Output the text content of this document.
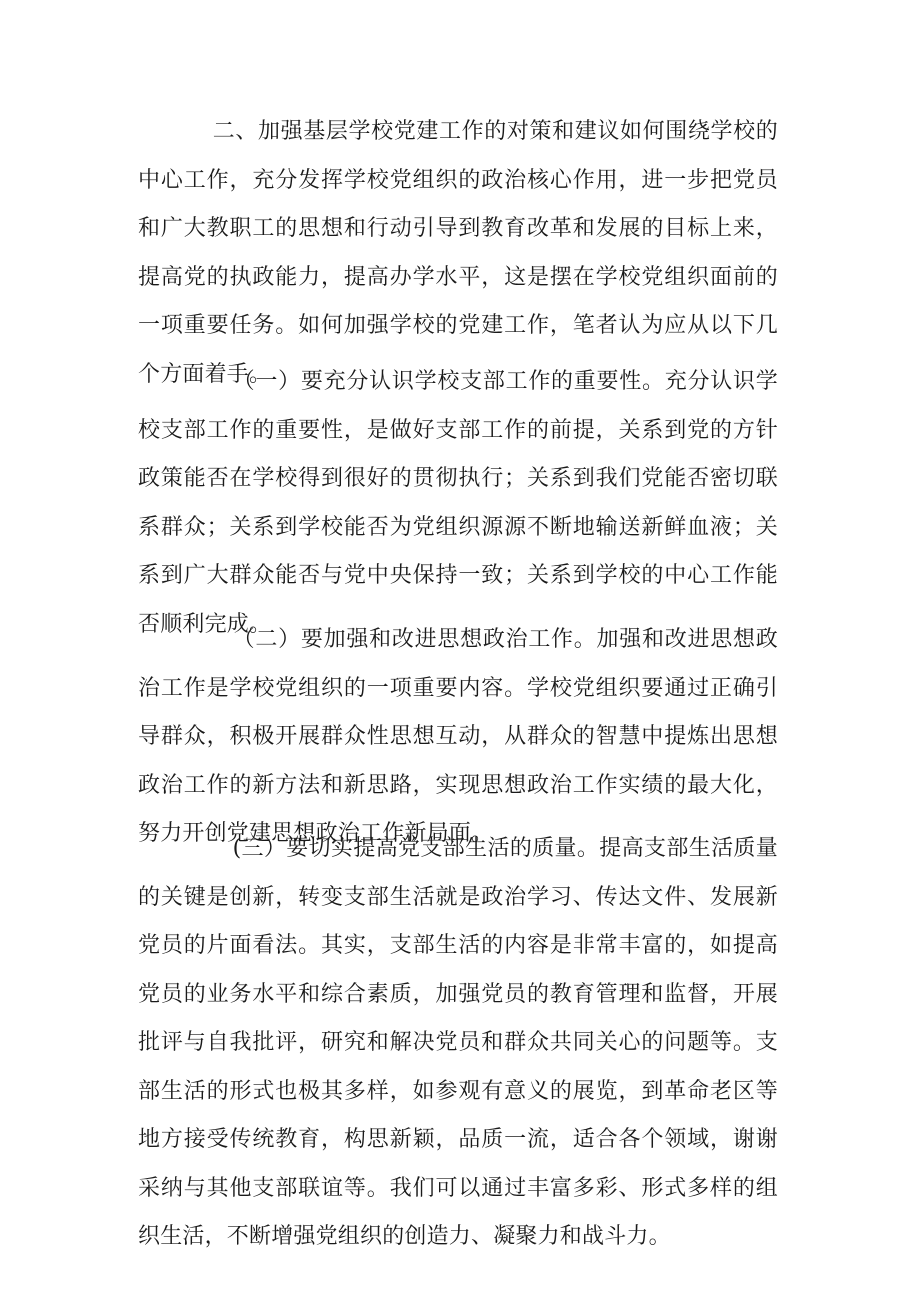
二、加强基层学校党建工作的对策和建议如何围绕学校的中心工作，充分发挥学校党组织的政治核心作用，进一步把党员和广大教职工的思想和行动引导到教育改革和发展的目标上来，提高党的执政能力，提高办学水平，这是摆在学校党组织面前的一项重要任务。如何加强学校的党建工作，笔者认为应从以下几个方面着手。

（一）要充分认识学校支部工作的重要性。充分认识学校支部工作的重要性，是做好支部工作的前提，关系到党的方针政策能否在学校得到很好的贯彻执行；关系到我们党能否密切联系群众；关系到学校能否为党组织源源不断地输送新鲜血液；关系到广大群众能否与党中央保持一致；关系到学校的中心工作能否顺利完成。

（二）要加强和改进思想政治工作。加强和改进思想政治工作是学校党组织的一项重要内容。学校党组织要通过正确引导群众，积极开展群众性思想互动，从群众的智慧中提炼出思想政治工作的新方法和新思路，实现思想政治工作实绩的最大化，努力开创党建思想政治工作新局面。

(三）要切实提高党支部生活的质量。提高支部生活质量的关键是创新，转变支部生活就是政治学习、传达文件、发展新党员的片面看法。其实，支部生活的内容是非常丰富的，如提高党员的业务水平和综合素质，加强党员的教育管理和监督，开展批评与自我批评，研究和解决党员和群众共同关心的问题等。支部生活的形式也极其多样，如参观有意义的展览，到革命老区等地方接受传统教育，构思新颖，品质一流，适合各个领域，谢谢采纳与其他支部联谊等。我们可以通过丰富多彩、形式多样的组织生活，不断增强党组织的创造力、凝聚力和战斗力。
